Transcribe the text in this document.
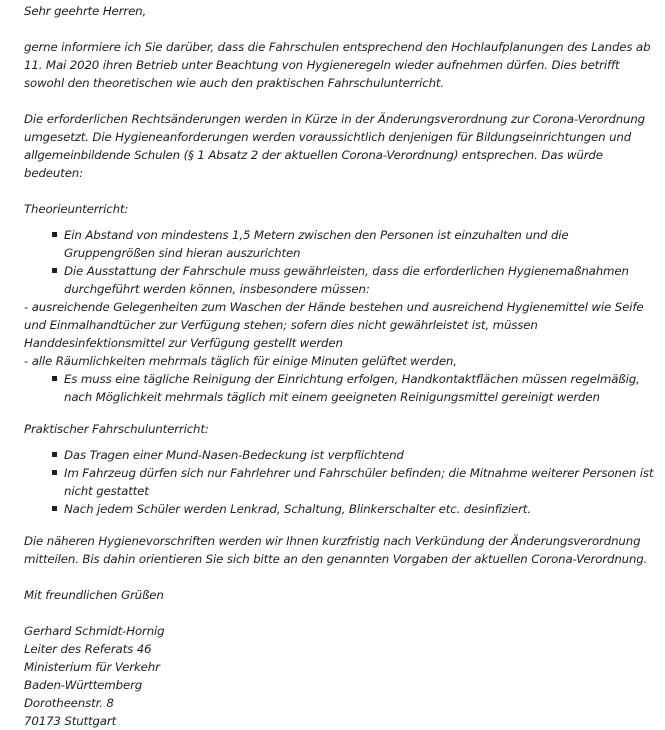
Sehr geehrte Herren,

gerne informiere ich Sie darüber, dass die Fahrschulen entsprechend den Hochlaufplanungen des Landes ab 11. Mai 2020 ihren Betrieb unter Beachtung von Hygieneregeln wieder aufnehmen dürfen. Dies betrifft sowohl den theoretischen wie auch den praktischen Fahrschulunterricht.

Die erforderlichen Rechtsänderungen werden in Kürze in der Änderungsverordnung zur Corona-Verordnung umgesetzt. Die Hygieneanforderungen werden voraussichtlich denjenigen für Bildungseinrichtungen und allgemeinbildende Schulen (§ 1 Absatz 2 der aktuellen Corona-Verordnung) entsprechen. Das würde bedeuten:

Theorieunterricht:

Ein Abstand von mindestens 1,5 Metern zwischen den Personen ist einzuhalten und die Gruppengrößen sind hieran auszurichten
Die Ausstattung der Fahrschule muss gewährleisten, dass die erforderlichen Hygienemaßnahmen durchgeführt werden können, insbesondere müssen:
- ausreichende Gelegenheiten zum Waschen der Hände bestehen und ausreichend Hygienemittel wie Seife und Einmalhandtücher zur Verfügung stehen; sofern dies nicht gewährleistet ist, müssen Handdesinfektionsmittel zur Verfügung gestellt werden
- alle Räumlichkeiten mehrmals täglich für einige Minuten gelüftet werden,
Es muss eine tägliche Reinigung der Einrichtung erfolgen, Handkontaktflächen müssen regelmäßig, nach Möglichkeit mehrmals täglich mit einem geeigneten Reinigungsmittel gereinigt werden

Praktischer Fahrschulunterricht:

Das Tragen einer Mund-Nasen-Bedeckung ist verpflichtend
Im Fahrzeug dürfen sich nur Fahrlehrer und Fahrschüler befinden; die Mitnahme weiterer Personen ist nicht gestattet
Nach jedem Schüler werden Lenkrad, Schaltung, Blinkerschalter etc. desinfiziert.

Die näheren Hygienevorschriften werden wir Ihnen kurzfristig nach Verkündung der Änderungsverordnung mitteilen. Bis dahin orientieren Sie sich bitte an den genannten Vorgaben der aktuellen Corona-Verordnung.

Mit freundlichen Grüßen

Gerhard Schmidt-Hornig

Leiter des Referats 46

Ministerium für Verkehr

Baden-Württemberg

Dorotheenstr. 8

70173 Stuttgart
